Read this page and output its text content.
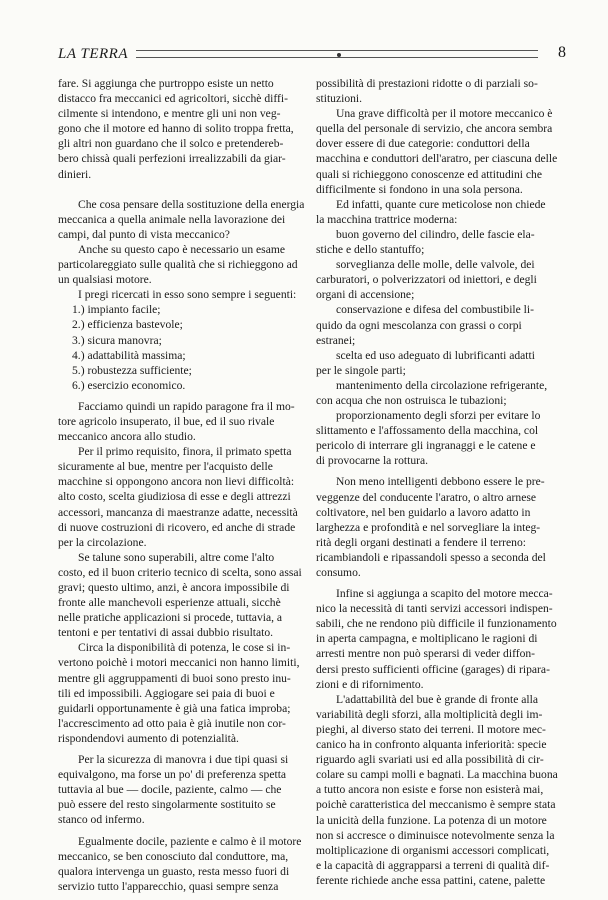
LA TERRA	8
fare. Si aggiunga che purtroppo esiste un netto
distacco fra meccanici ed agricoltori, sicchè diffi-
cilmente si intendono, e mentre gli uni non veg-
gono che il motore ed hanno di solito troppa fretta,
gli altri non guardano che il solco e pretendereb-
bero chissà quali perfezioni irrealizzabili da giar-
dinieri.
Che cosa pensare della sostituzione della energia
meccanica a quella animale nella lavorazione dei
campi, dal punto di vista meccanico?
Anche su questo capo è necessario un esame
particolareggiato sulle qualità che si richieggono ad
un qualsiasi motore.
I pregi ricercati in esso sono sempre i seguenti:
1.) impianto facile;
2.) efficienza bastevole;
3.) sicura manovra;
4.) adattabilità massima;
5.) robustezza sufficiente;
6.) esercizio economico.
Facciamo quindi un rapido paragone fra il mo-
tore agricolo insuperato, il bue, ed il suo rivale
meccanico ancora allo studio.
Per il primo requisito, finora, il primato spetta
sicuramente al bue, mentre per l'acquisto delle
macchine si oppongono ancora non lievi difficoltà:
alto costo, scelta giudiziosa di esse e degli attrezzi
accessori, mancanza di maestranze adatte, necessità
di nuove costruzioni di ricovero, ed anche di strade
per la circolazione.
Se talune sono superabili, altre come l'alto
costo, ed il buon criterio tecnico di scelta, sono assai
gravi; questo ultimo, anzi, è ancora impossibile di
fronte alle manchevoli esperienze attuali, sicchè
nelle pratiche applicazioni si procede, tuttavia, a
tentoni e per tentativi di assai dubbio risultato.
Circa la disponibilità di potenza, le cose si in-
vertono poichè i motori meccanici non hanno limiti,
mentre gli aggruppamenti di buoi sono presto inu-
tili ed impossibili. Aggiogare sei paia di buoi e
guidarli opportunamente è già una fatica improba;
l'accrescimento ad otto paia è già inutile non cor-
rispondendovi aumento di potenzialità.
Per la sicurezza di manovra i due tipi quasi si
equivalgono, ma forse un po' di preferenza spetta
tuttavia al bue — docile, paziente, calmo — che
può essere del resto singolarmente sostituito se
stanco od infermo.
Egualmente docile, paziente e calmo è il motore
meccanico, se ben conosciuto dal conduttore, ma,
qualora intervenga un guasto, resta messo fuori di
servizio tutto l'apparecchio, quasi sempre senza
possibilità di prestazioni ridotte o di parziali so-
stituzioni.
Una grave difficoltà per il motore meccanico è
quella del personale di servizio, che ancora sembra
dover essere di due categorie: conduttori della
macchina e conduttori dell'aratro, per ciascuna delle
quali si richieggono conoscenze ed attitudini che
difficilmente si fondono in una sola persona.
Ed infatti, quante cure meticolose non chiede
la macchina trattrice moderna:
buon governo del cilindro, delle fascie ela-
stiche e dello stantuffo;
sorveglianza delle molle, delle valvole, dei
carburatori, o polverizzatori od iniettori, e degli
organi di accensione;
conservazione e difesa del combustibile li-
quido da ogni mescolanza con grassi o corpi
estranei;
scelta ed uso adeguato di lubrificanti adatti
per le singole parti;
mantenimento della circolazione refrigerante,
con acqua che non ostruisca le tubazioni;
proporzionamento degli sforzi per evitare lo
slittamento e l'affossamento della macchina, col
pericolo di interrare gli ingranaggi e le catene e
di provocarne la rottura.
Non meno intelligenti debbono essere le pre-
veggenze del conducente l'aratro, o altro arnese
coltivatore, nel ben guidarlo a lavoro adatto in
larghezza e profondità e nel sorvegliare la integ-
rità degli organi destinati a fendere il terreno:
ricambiandoli e ripassandoli spesso a seconda del
consumo.
Infine si aggiunga a scapito del motore mecca-
nico la necessità di tanti servizi accessori indispen-
sabili, che ne rendono più difficile il funzionamento
in aperta campagna, e moltiplicano le ragioni di
arresti mentre non può sperarsi di veder diffon-
dersi presto sufficienti officine (garages) di ripara-
zioni e di rifornimento.
L'adattabilità del bue è grande di fronte alla
variabilità degli sforzi, alla moltiplicità degli im-
pieghi, al diverso stato dei terreni. Il motore mec-
canico ha in confronto alquanta inferiorità: specie
riguardo agli svariati usi ed alla possibilità di cir-
colare su campi molli e bagnati. La macchina buona
a tutto ancora non esiste e forse non esisterà mai,
poichè caratteristica del meccanismo è sempre stata
la unicità della funzione. La potenza di un motore
non si accresce o diminuisce notevolmente senza la
moltiplicazione di organismi accessori complicati,
e la capacità di aggrapparsi a terreni di qualità dif-
ferente richiede anche essa pattini, catene, palette
